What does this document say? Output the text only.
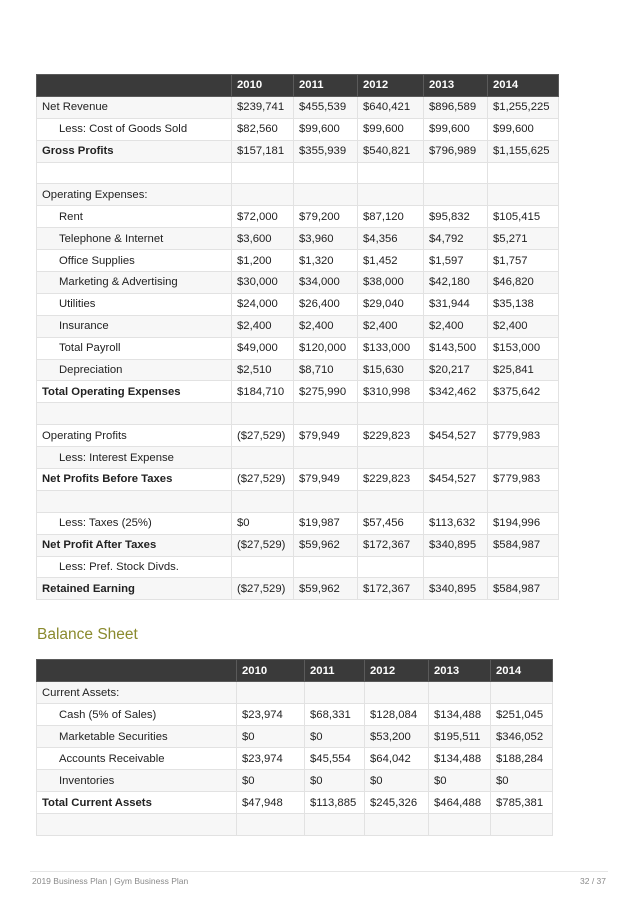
	2010	2011	2012	2013	2014
Net Revenue	$239,741	$455,539	$640,421	$896,589	$1,255,225
Less: Cost of Goods Sold	$82,560	$99,600	$99,600	$99,600	$99,600
Gross Profits	$157,181	$355,939	$540,821	$796,989	$1,155,625

Operating Expenses:					
Rent	$72,000	$79,200	$87,120	$95,832	$105,415
Telephone & Internet	$3,600	$3,960	$4,356	$4,792	$5,271
Office Supplies	$1,200	$1,320	$1,452	$1,597	$1,757
Marketing & Advertising	$30,000	$34,000	$38,000	$42,180	$46,820
Utilities	$24,000	$26,400	$29,040	$31,944	$35,138
Insurance	$2,400	$2,400	$2,400	$2,400	$2,400
Total Payroll	$49,000	$120,000	$133,000	$143,500	$153,000
Depreciation	$2,510	$8,710	$15,630	$20,217	$25,841
Total Operating Expenses	$184,710	$275,990	$310,998	$342,462	$375,642

Operating Profits	($27,529)	$79,949	$229,823	$454,527	$779,983
Less: Interest Expense					
Net Profits Before Taxes	($27,529)	$79,949	$229,823	$454,527	$779,983

Less: Taxes (25%)	$0	$19,987	$57,456	$113,632	$194,996
Net Profit After Taxes	($27,529)	$59,962	$172,367	$340,895	$584,987
Less: Pref. Stock Divds.					
Retained Earning	($27,529)	$59,962	$172,367	$340,895	$584,987
Balance Sheet
	2010	2011	2012	2013	2014
Current Assets:					
Cash (5% of Sales)	$23,974	$68,331	$128,084	$134,488	$251,045
Marketable Securities	$0	$0	$53,200	$195,511	$346,052
Accounts Receivable	$23,974	$45,554	$64,042	$134,488	$188,284
Inventories	$0	$0	$0	$0	$0
Total Current Assets	$47,948	$113,885	$245,326	$464,488	$785,381

2019 Business Plan | Gym Business Plan	32 / 37
